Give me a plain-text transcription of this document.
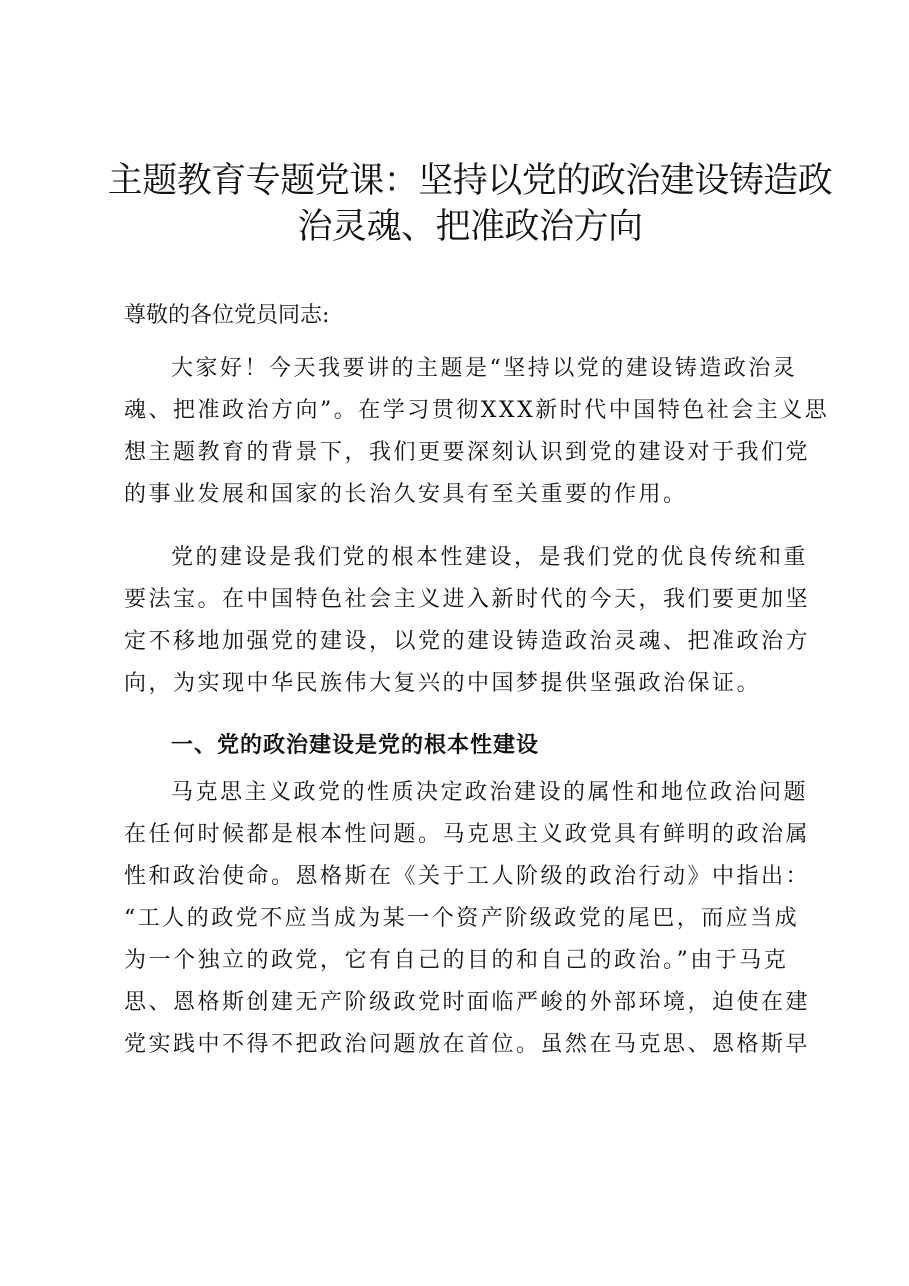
主题教育专题党课：坚持以党的政治建设铸造政
治灵魂、把准政治方向
尊敬的各位党员同志:
大家好！今天我要讲的主题是“坚持以党的建设铸造政治灵
魂、把准政治方向”。在学习贯彻XXX新时代中国特色社会主义思
想主题教育的背景下，我们更要深刻认识到党的建设对于我们党
的事业发展和国家的长治久安具有至关重要的作用。
党的建设是我们党的根本性建设，是我们党的优良传统和重
要法宝。在中国特色社会主义进入新时代的今天，我们要更加坚
定不移地加强党的建设，以党的建设铸造政治灵魂、把准政治方
向，为实现中华民族伟大复兴的中国梦提供坚强政治保证。
一、党的政治建设是党的根本性建设
马克思主义政党的性质决定政治建设的属性和地位政治问题
在任何时候都是根本性问题。马克思主义政党具有鲜明的政治属
性和政治使命。恩格斯在《关于工人阶级的政治行动》中指出：
“工人的政党不应当成为某一个资产阶级政党的尾巴，而应当成
为一个独立的政党，它有自己的目的和自己的政治。”由于马克
思、恩格斯创建无产阶级政党时面临严峻的外部环境，迫使在建
党实践中不得不把政治问题放在首位。虽然在马克思、恩格斯早
